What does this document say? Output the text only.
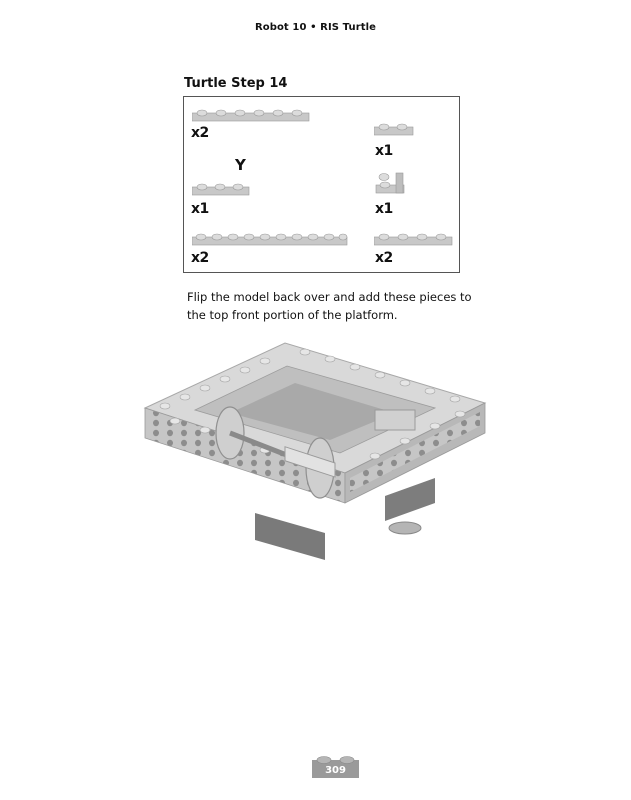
Robot 10 • RIS Turtle
Turtle Step 14
x2
x1
Y
x1	x1
x2	x2
Flip the model back over and add these pieces to the top front portion of the platform.
309
